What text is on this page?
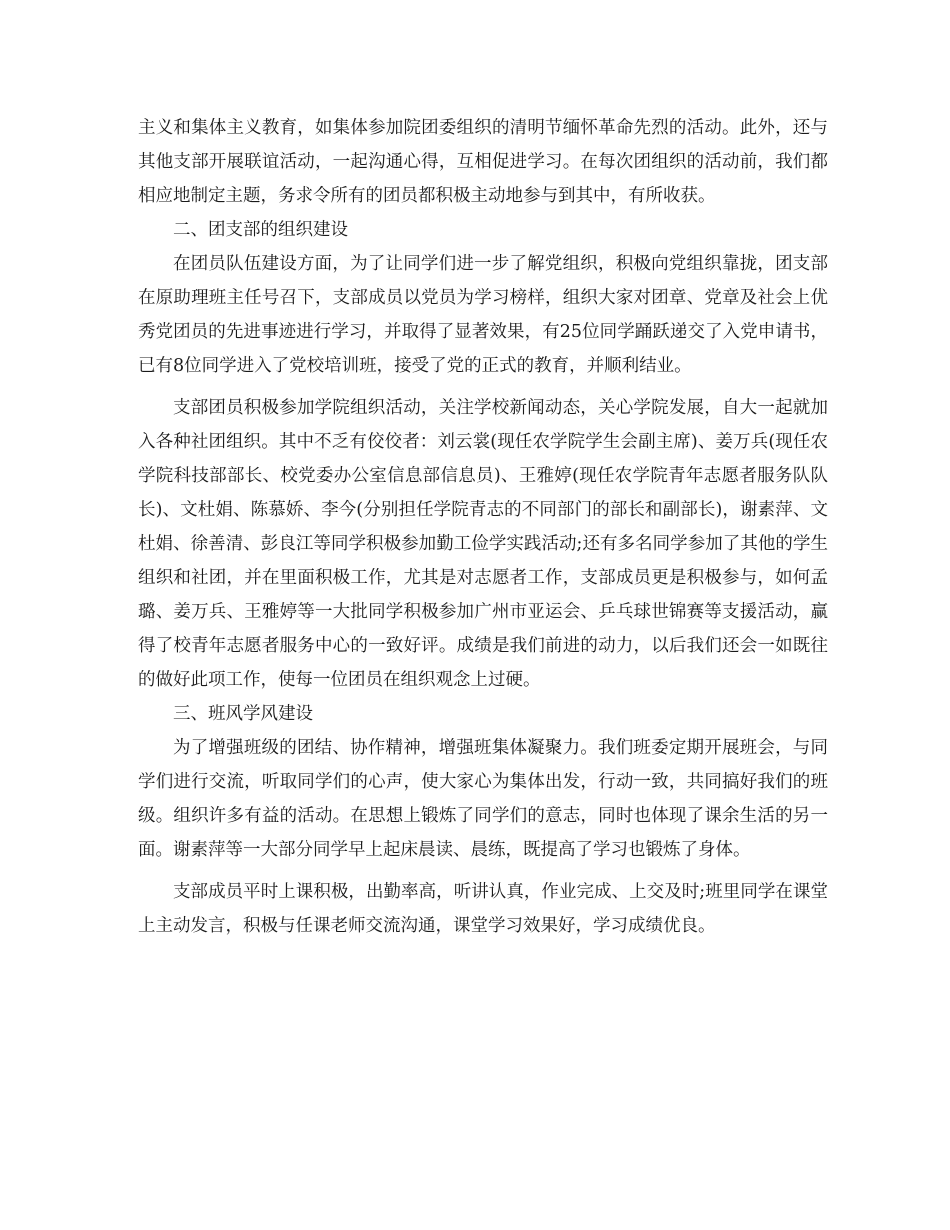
主义和集体主义教育，如集体参加院团委组织的清明节缅怀革命先烈的活动。此外，还与其他支部开展联谊活动，一起沟通心得，互相促进学习。在每次团组织的活动前，我们都相应地制定主题，务求令所有的团员都积极主动地参与到其中，有所收获。

二、团支部的组织建设

在团员队伍建设方面，为了让同学们进一步了解党组织，积极向党组织靠拢，团支部在原助理班主任号召下，支部成员以党员为学习榜样，组织大家对团章、党章及社会上优秀党团员的先进事迹进行学习，并取得了显著效果，有25位同学踊跃递交了入党申请书，已有8位同学进入了党校培训班，接受了党的正式的教育，并顺利结业。

支部团员积极参加学院组织活动，关注学校新闻动态，关心学院发展，自大一起就加入各种社团组织。其中不乏有佼佼者：刘云裳(现任农学院学生会副主席)、姜万兵(现任农学院科技部部长、校党委办公室信息部信息员)、王雅婷(现任农学院青年志愿者服务队队长)、文杜娟、陈慕娇、李今(分别担任学院青志的不同部门的部长和副部长)，谢素萍、文杜娟、徐善清、彭良江等同学积极参加勤工俭学实践活动;还有多名同学参加了其他的学生组织和社团，并在里面积极工作，尤其是对志愿者工作，支部成员更是积极参与，如何孟璐、姜万兵、王雅婷等一大批同学积极参加广州市亚运会、乒乓球世锦赛等支援活动，赢得了校青年志愿者服务中心的一致好评。成绩是我们前进的动力，以后我们还会一如既往的做好此项工作，使每一位团员在组织观念上过硬。

三、班风学风建设

为了增强班级的团结、协作精神，增强班集体凝聚力。我们班委定期开展班会，与同学们进行交流，听取同学们的心声，使大家心为集体出发，行动一致，共同搞好我们的班级。组织许多有益的活动。在思想上锻炼了同学们的意志，同时也体现了课余生活的另一面。谢素萍等一大部分同学早上起床晨读、晨练，既提高了学习也锻炼了身体。

支部成员平时上课积极，出勤率高，听讲认真，作业完成、上交及时;班里同学在课堂上主动发言，积极与任课老师交流沟通，课堂学习效果好，学习成绩优良。
